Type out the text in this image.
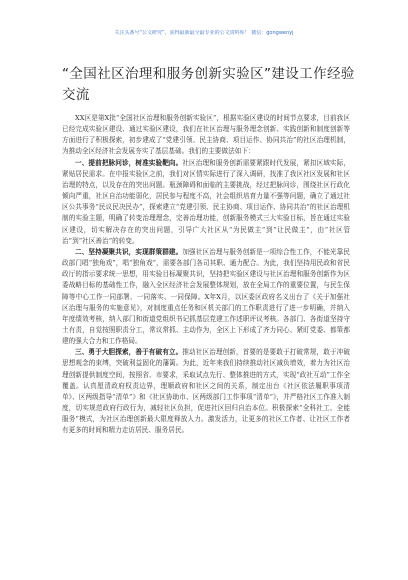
关注头条号“公文研究”，获得最新最全最专业的公文资料库！ 微信：gongwenyj
“全国社区治理和服务创新实验区”建设工作经验交流

XX区是第X批“全国社区治理和服务创新实验区”，根据实验区建设的时间节点要求，目前我区已经完成实验区建设、通过实验区建设，我们在社区治理与服务理念创新、实践创新和制度创新等方面进行了积极探索，初步建成了“党建引领、民主协商、项目运作、协同共治”的社区治理机制，为推动全区经济社会发展夯实了基层基础。我们的主要做法如下：

一、提前把脉问诊，树准实验靶向。社区治理和服务创新需要紧跟时代发展，紧扣区域实际，紧贴居民需求。在申报实验区之前，我们对区情实际进行了深入调研，找准了我区社区发展和社区治理的特点，以及存在的突出问题。瓶颈障碍和面临的主要挑战，经过把脉问诊，围绕社区行政化倾向严重，社区自治功能弱化，居民参与程度不高，社会组织培育力量不强等问题，确立了通过社区公共事务“民议民决民办”，探索建立“党建引领、民主协商、项目运作、协同共治”的社区治理机制的实验主题，明确了转变治理理念，完善治理功能，创新服务模式三大实验目标，旨在通过实验区建设，切实解决存在的突出问题，引导广大社区从“为民做主”到“让民做主”，由“社区管治”到“社区善治”的转变。

二、坚持凝聚共识，实现群策群建。加强社区治理与服务创新是一项综合性工作，不能光靠民政部门唱“独角戏”，唱“独角戏”，需要各部门各司其职、通力配合。为此，我们坚持用民政和省民政厅的指示要求统一思想，用实验目标凝聚共识，坚持把实验区建设与社区治理和服务创新作为区委战略目标的基础性工作，融入全区经济社会发展整体规划，放在全局工作的重要位置，与民生保障等中心工作一同部署、一同落实、一同保障。X年X月，以区委区政府名义出台了《关于加强社区治理与服务的实施意见》，对制度重点任务和区机关部门的工作职责进行了进一步明确，并纳入年度绩效考核，纳入部门和街道党组织书记抓基层党建工作述职评议考核。各部门、各街道坚持守土有责，自觉按照职责分工，常议常抓、主动作为，全区上下形成了齐力同心、紧盯党委、都策都建的强大合力和工作格局。

三、勇于大胆探索，善于有破有立。推动社区治理创新，首要的是要敢于打破常规，敢于冲破思想观念的束缚，突破利益固化的藩篱。为此，近年来我们持续推动社区减负增效，着力为社区治理创新提供制度空间，按照省、市要求，采取试点先行、整体推进的方式，实现“政社互动”工作全覆盖。认真厘清政府权责边界，理顺政府和社区之间的关系，制定出台《社区依法履职事项清单》、区两级指导“清单”》和《社区协助市、区两级部门工作事项“清单”》，并严格社区工作准入制度，切实规范政府行政行为，减轻社区负担，促进社区回归自治本位。积极探索“全科社工、全能服务”模式，为社区治理创新最大限度释放人力。激发活力，让更多的社区工作者、让社区工作者有更多的时间和精力走访居民、服务居民。
